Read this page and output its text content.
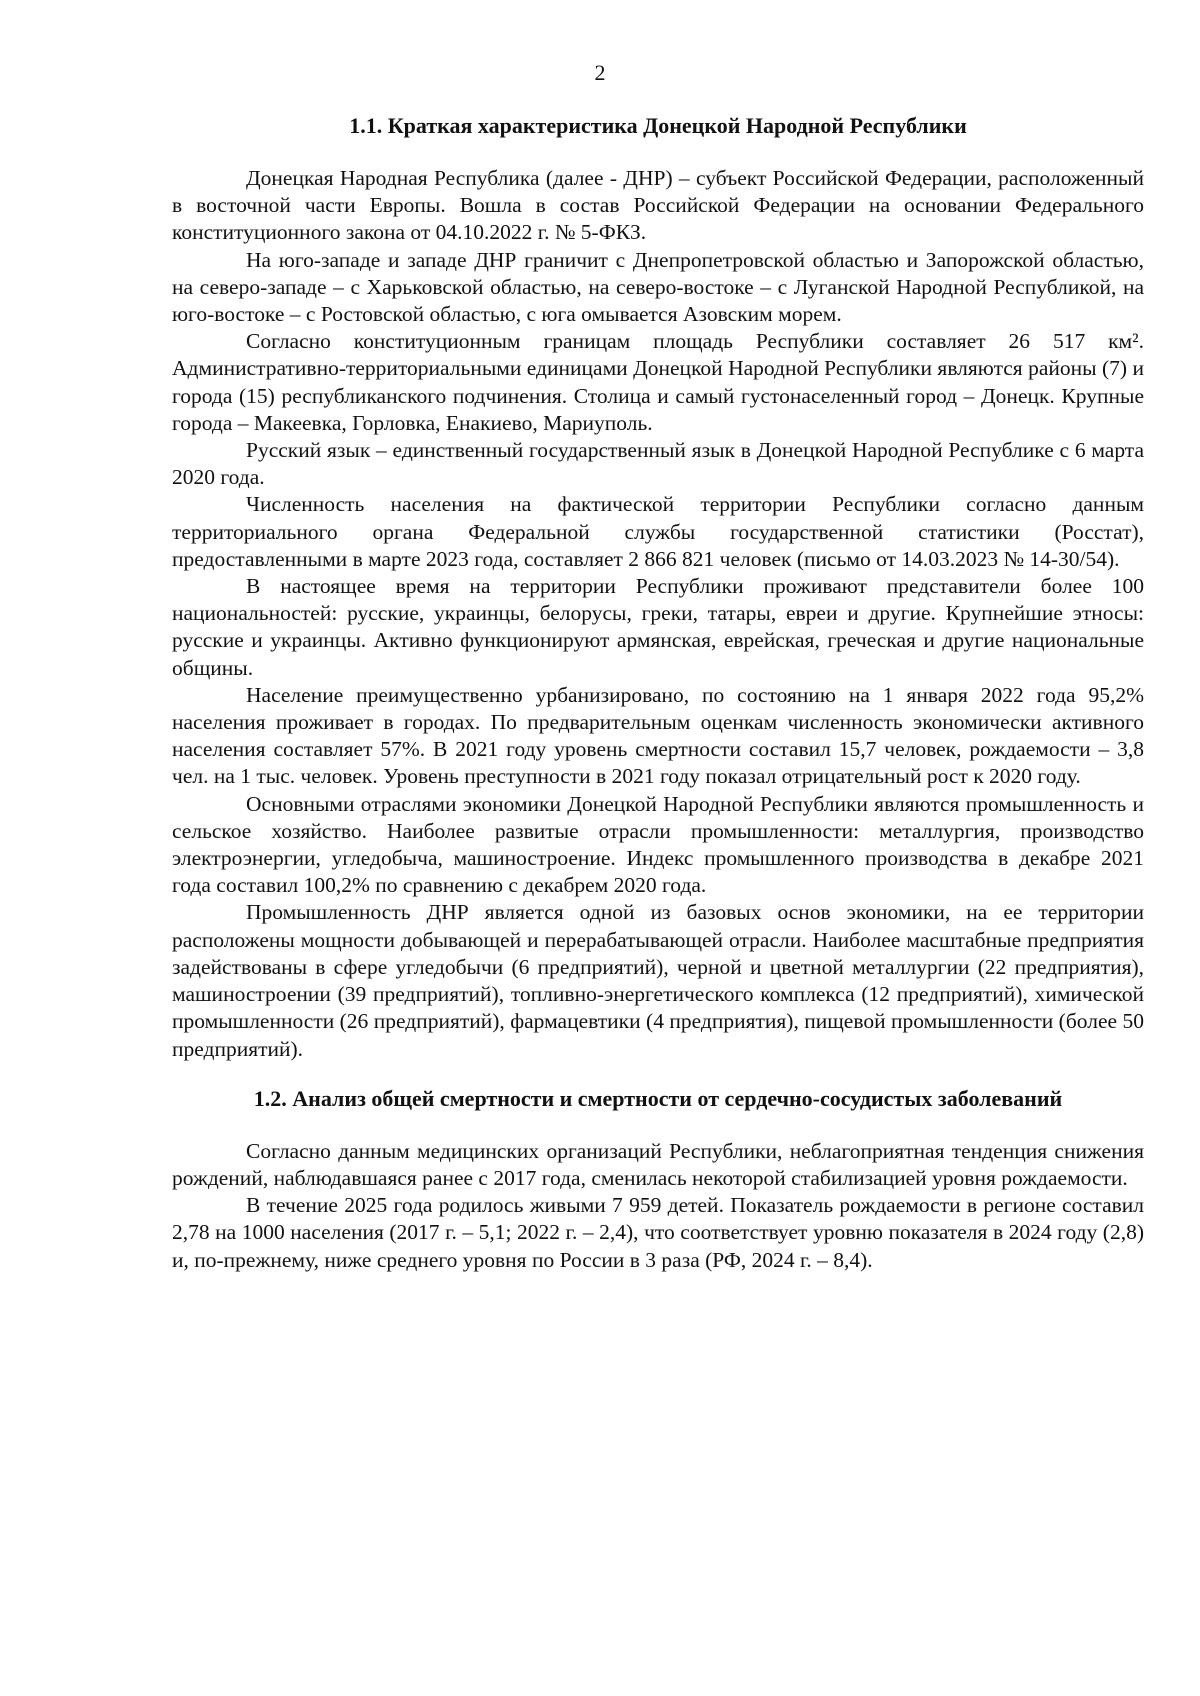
2
1.1. Краткая характеристика Донецкой Народной Республики

Донецкая Народная Республика (далее - ДНР) – субъект Российской Федерации, расположенный в восточной части Европы. Вошла в состав Российской Федерации на основании Федерального конституционного закона от 04.10.2022 г. № 5-ФКЗ.

На юго-западе и западе ДНР граничит с Днепропетровской областью и Запорожской областью, на северо-западе – с Харьковской областью, на северо-востоке – с Луганской Народной Республикой, на юго-востоке – с Ростовской областью, с юга омывается Азовским морем.

Согласно конституционным границам площадь Республики составляет 26 517 км². Административно-территориальными единицами Донецкой Народной Республики являются районы (7) и города (15) республиканского подчинения. Столица и самый густонаселенный город – Донецк. Крупные города – Макеевка, Горловка, Енакиево, Мариуполь.

Русский язык – единственный государственный язык в Донецкой Народной Республике с 6 марта 2020 года.

Численность населения на фактической территории Республики согласно данным территориального органа Федеральной службы государственной статистики (Росстат), предоставленными в марте 2023 года, составляет 2 866 821 человек (письмо от 14.03.2023 № 14-30/54).

В настоящее время на территории Республики проживают представители более 100 национальностей: русские, украинцы, белорусы, греки, татары, евреи и другие. Крупнейшие этносы: русские и украинцы. Активно функционируют армянская, еврейская, греческая и другие национальные общины.

Население преимущественно урбанизировано, по состоянию на 1 января 2022 года 95,2% населения проживает в городах. По предварительным оценкам численность экономически активного населения составляет 57%. В 2021 году уровень смертности составил 15,7 человек, рождаемости – 3,8 чел. на 1 тыс. человек. Уровень преступности в 2021 году показал отрицательный рост к 2020 году.

Основными отраслями экономики Донецкой Народной Республики являются промышленность и сельское хозяйство. Наиболее развитые отрасли промышленности: металлургия, производство электроэнергии, угледобыча, машиностроение. Индекс промышленного производства в декабре 2021 года составил 100,2% по сравнению с декабрем 2020 года.

Промышленность ДНР является одной из базовых основ экономики, на ее территории расположены мощности добывающей и перерабатывающей отрасли. Наиболее масштабные предприятия задействованы в сфере угледобычи (6 предприятий), черной и цветной металлургии (22 предприятия), машиностроении (39 предприятий), топливно-энергетического комплекса (12 предприятий), химической промышленности (26 предприятий), фармацевтики (4 предприятия), пищевой промышленности (более 50 предприятий).

1.2. Анализ общей смертности и смертности от сердечно-сосудистых заболеваний

Согласно данным медицинских организаций Республики, неблагоприятная тенденция снижения рождений, наблюдавшаяся ранее с 2017 года, сменилась некоторой стабилизацией уровня рождаемости.

В течение 2025 года родилось живыми 7 959 детей. Показатель рождаемости в регионе составил 2,78 на 1000 населения (2017 г. – 5,1; 2022 г. – 2,4), что соответствует уровню показателя в 2024 году (2,8) и, по-прежнему, ниже среднего уровня по России в 3 раза (РФ, 2024 г. – 8,4).
